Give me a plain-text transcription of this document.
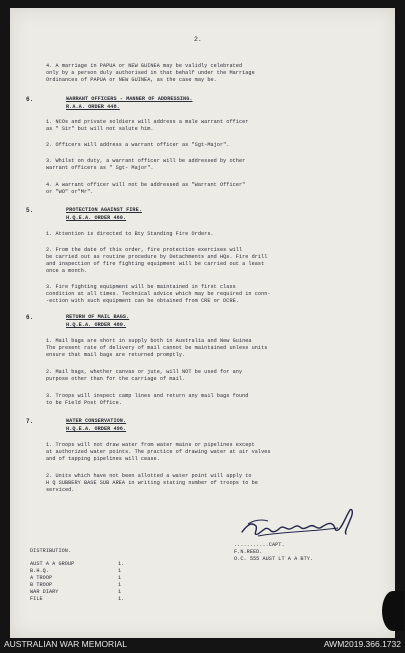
2.
4. A marriage in PAPUA or NEW GUINEA may be validly celebrated
only by a person duly authorised in that behalf under the Marriage
Ordinances of PAPUA or NEW GUINEA, as the case may be.
6.	WARRANT OFFICERS - MANNER OF ADDRESSING.
R.A.A. ORDER 448.
1. NCOs and private soldiers will address a male warrant officer
as " Sir" but will not salute him.
2. Officers will address a warrant officer as "Sgt-Major".
3. Whilst on duty, a warrant officer will be addressed by other
warrant officers as " Sgt- Major".
4. A warrant officer will not be addressed as "Warrant Officer"
or "WO" or"Mr".
5.	PROTECTION AGAINST FIRE.
H.Q.E.A. ORDER 460.
1. Attention is directed to Bty Standing Fire Orders.
2. From the date of this order, fire protection exercises will
be carried out as routine procedure by Detachments and HQs. Fire drill
and inspection of fire fighting equipment will be carried out a least
once a month.
3. Fire fighting equipment will be maintained in first class
condition at all times. Technical advice which may be required in conn-
-ection with such equipment can be obtained from CRE or DCRE.
6.	RETURN OF MAIL BAGS.
H.Q.E.A. ORDER 480.
1. Mail bags are short in supply both in Australia and New Guinea
The present rate of delivery of mail cannot be maintained unless units
ensure that mail bags are returned promptly.
2. Mail bags, whether canvas or jute, will NOT be used for any
purpose other than for the carriage of mail.
3. Troops will inspect camp lines and return any mail bags found
to be Field Post Office.
7.	WATER CONSERVATION.
H.Q.E.A. ORDER 496.
1. Troops will not draw water from water mains or pipelines except
at authorized water points. The practice of drawing water at air valves
and of tapping pipelines will cease.
2. Units which have not been allotted a water point will apply to
H Q SUBBERY BASE SUB AREA in writing stating number of troops to be
serviced.
...........CAPT.
F.N.REED.
O.C. 555 AUST LT A A BTY.
DISTRIBUTION.
AUST A A GROUP	1.
B.H.Q.	1
A TROOP	1
B TROOP	1
WAR DIARY	1
FILE	1.
AUSTRALIAN WAR MEMORIAL	AWM2019.366.1732
